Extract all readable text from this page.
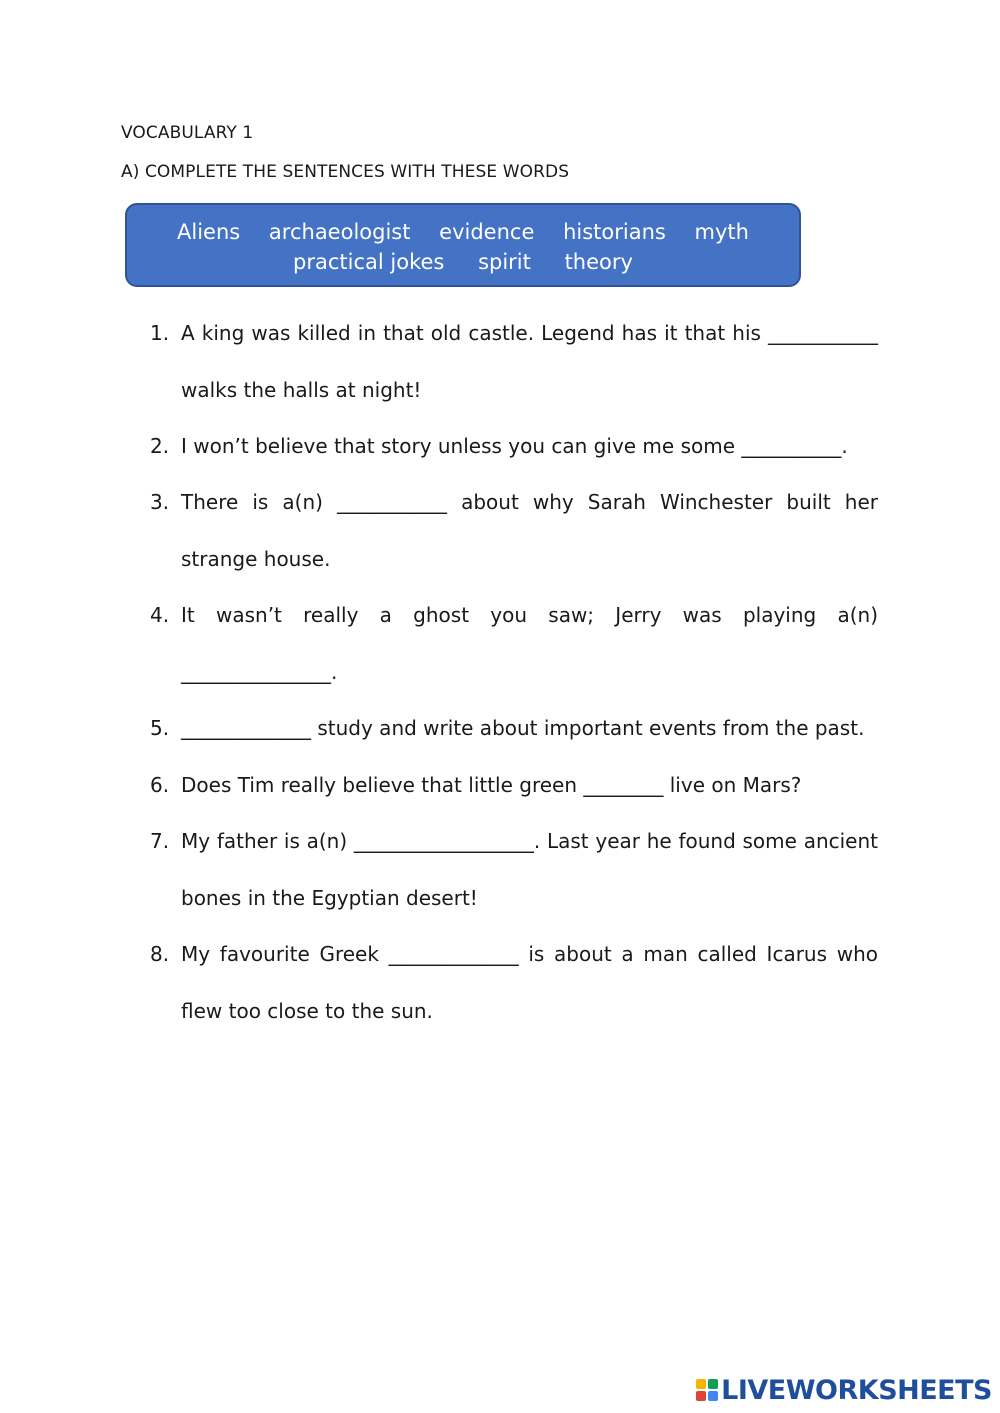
VOCABULARY 1
A) COMPLETE THE SENTENCES WITH THESE WORDS
Aliens archaeologist evidence historians myth
practical jokes spirit theory
1. A king was killed in that old castle. Legend has it that his ___________ walks the halls at night!
2. I won’t believe that story unless you can give me some __________.
3. There is a(n) ___________ about why Sarah Winchester built her strange house.
4. It wasn’t really a ghost you saw; Jerry was playing a(n) _______________.
5. _____________ study and write about important events from the past.
6. Does Tim really believe that little green ________ live on Mars?
7. My father is a(n) __________________. Last year he found some ancient bones in the Egyptian desert!
8. My favourite Greek _____________ is about a man called Icarus who flew too close to the sun.
LIVEWORKSHEETS
